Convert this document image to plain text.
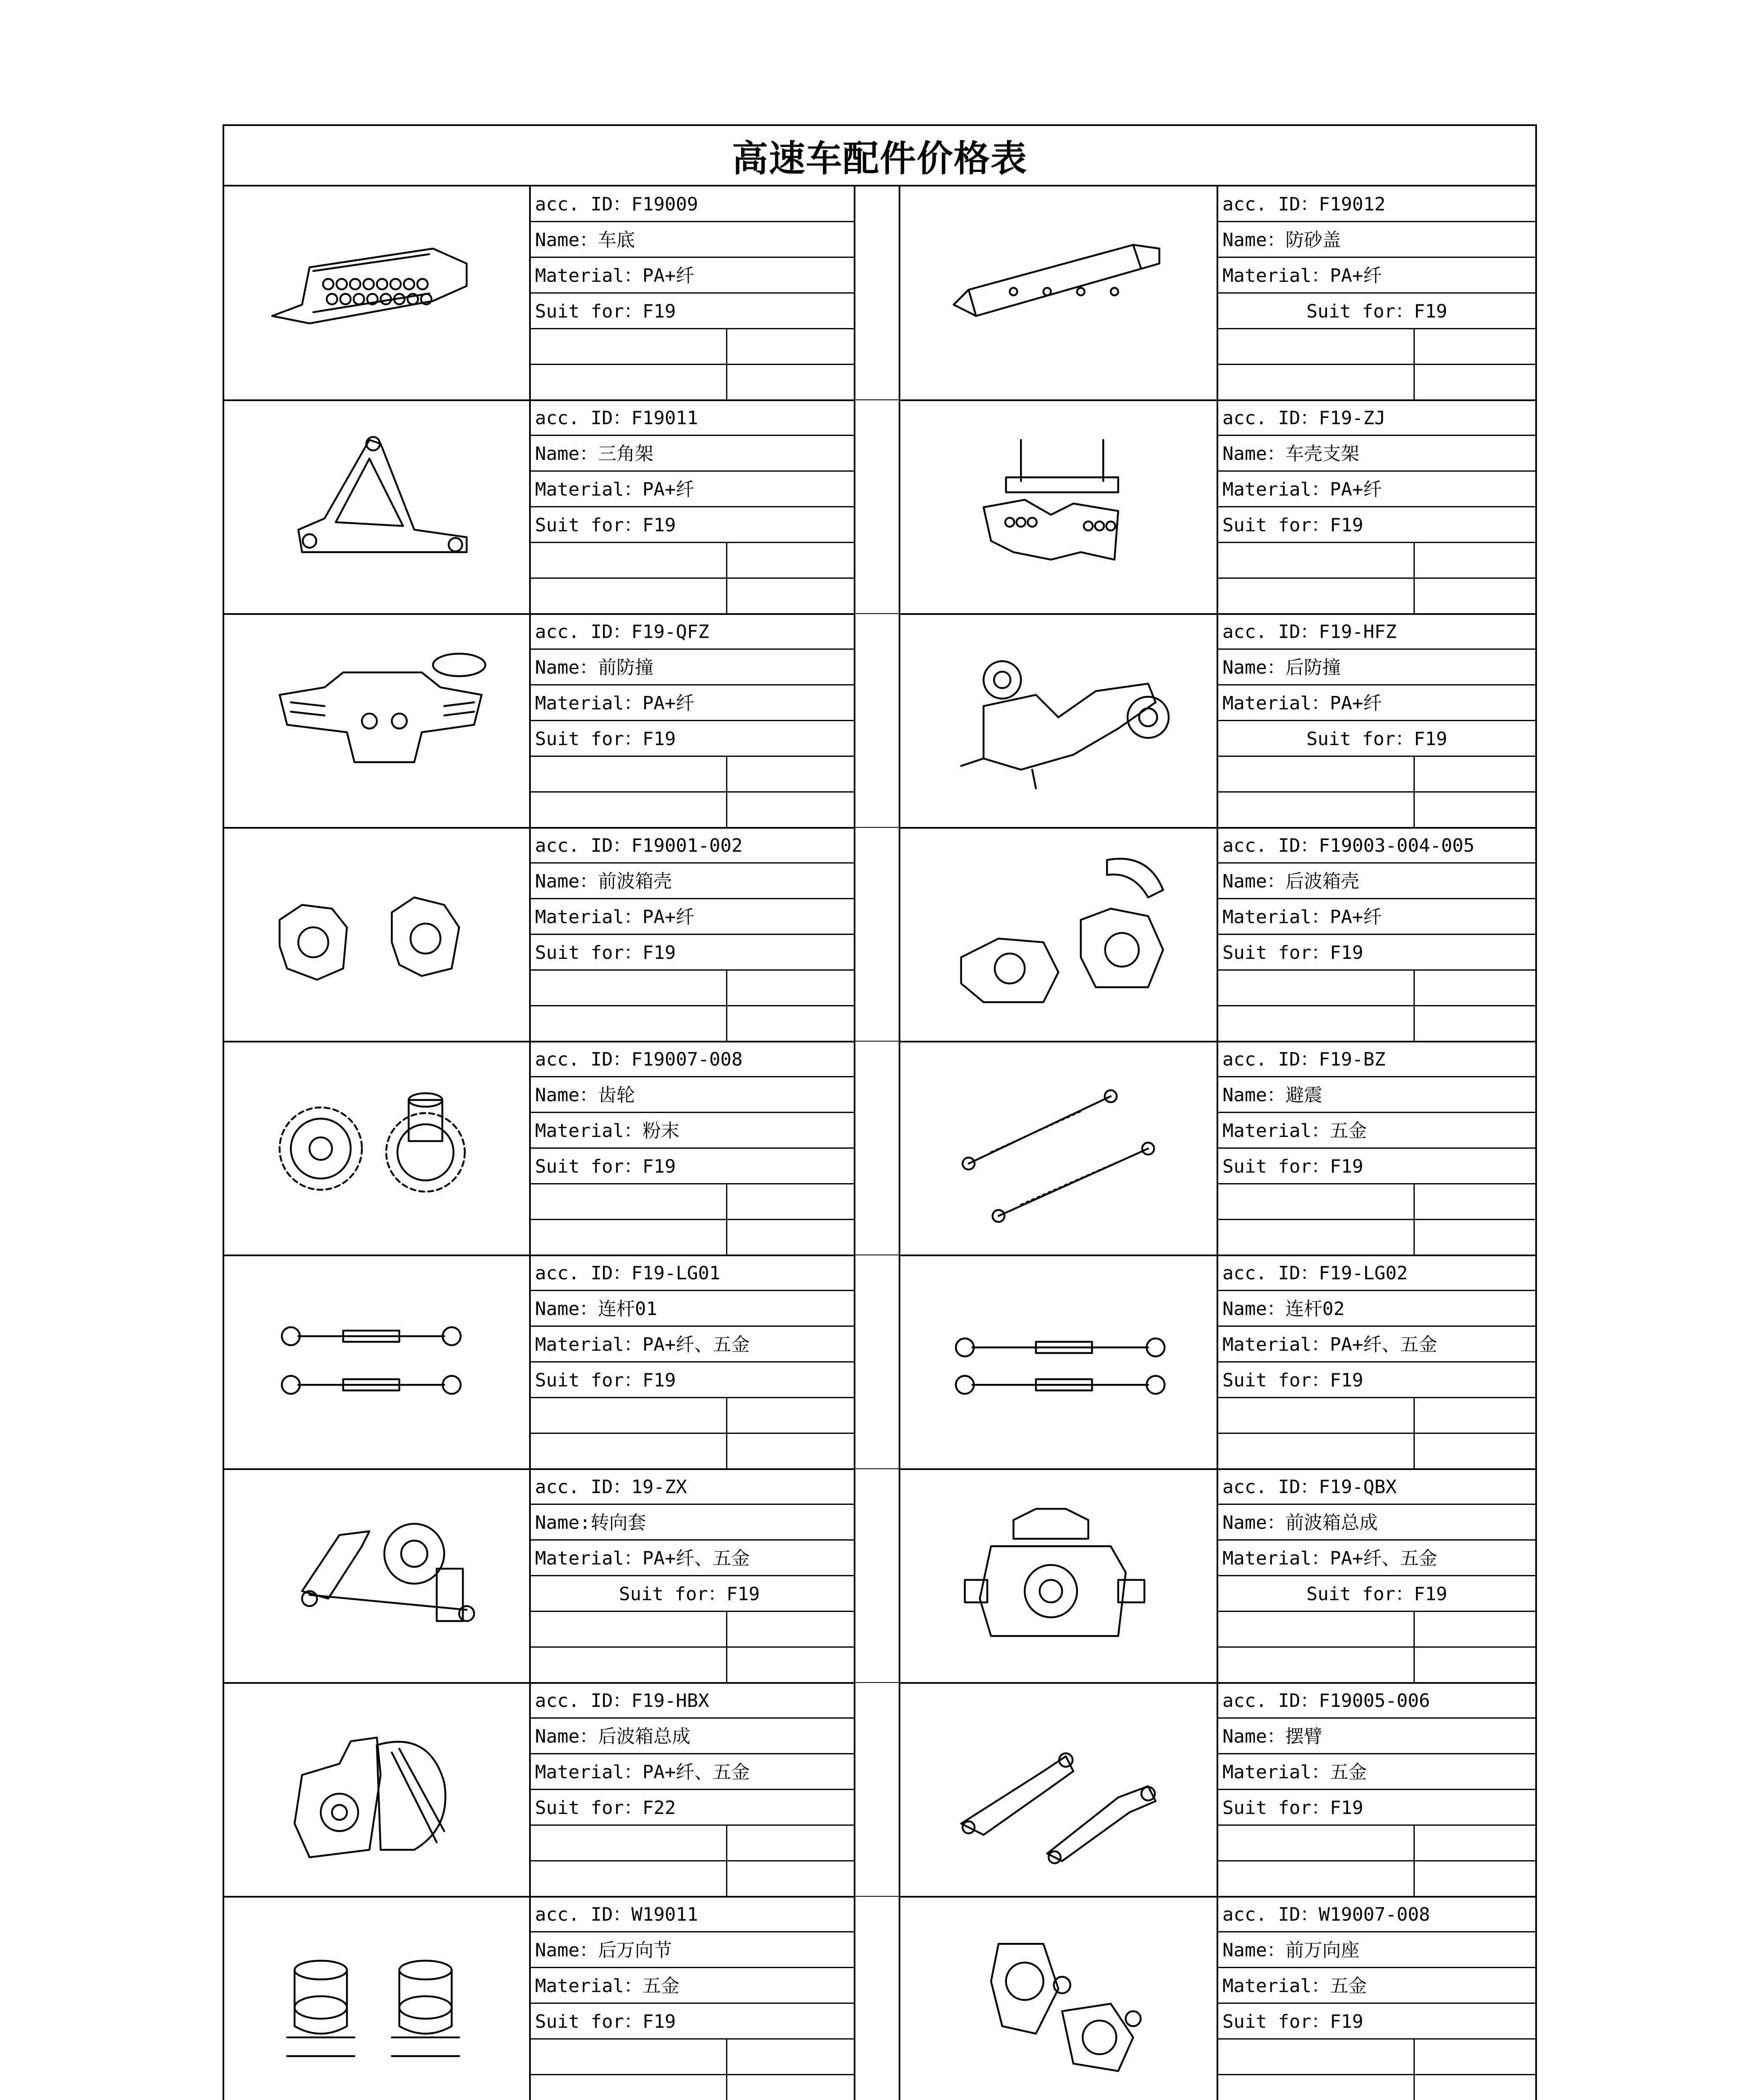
高速车配件价格表
acc. ID：F19009
Name：车底
Material：PA+纤
Suit for：F19
acc. ID：F19012
Name：防砂盖
Material：PA+纤
Suit for：F19
acc. ID：F19011
Name：三角架
Material：PA+纤
Suit for：F19
acc. ID：F19-ZJ
Name：车壳支架
Material：PA+纤
Suit for：F19
acc. ID：F19-QFZ
Name：前防撞
Material：PA+纤
Suit for：F19
acc. ID：F19-HFZ
Name：后防撞
Material：PA+纤
Suit for：F19
acc. ID：F19001-002
Name：前波箱壳
Material：PA+纤
Suit for：F19
acc. ID：F19003-004-005
Name：后波箱壳
Material：PA+纤
Suit for：F19
acc. ID：F19007-008
Name：齿轮
Material：粉末
Suit for：F19
acc. ID：F19-BZ
Name：避震
Material：五金
Suit for：F19
acc. ID：F19-LG01
Name：连杆01
Material：PA+纤、五金
Suit for：F19
acc. ID：F19-LG02
Name：连杆02
Material：PA+纤、五金
Suit for：F19
acc. ID：19-ZX
Name:转向套
Material：PA+纤、五金
Suit for：F19
acc. ID：F19-QBX
Name：前波箱总成
Material：PA+纤、五金
Suit for：F19
acc. ID：F19-HBX
Name：后波箱总成
Material：PA+纤、五金
Suit for：F22
acc. ID：F19005-006
Name：摆臂
Material：五金
Suit for：F19
acc. ID：W19011
Name：后万向节
Material：五金
Suit for：F19
acc. ID：W19007-008
Name：前万向座
Material：五金
Suit for：F19
